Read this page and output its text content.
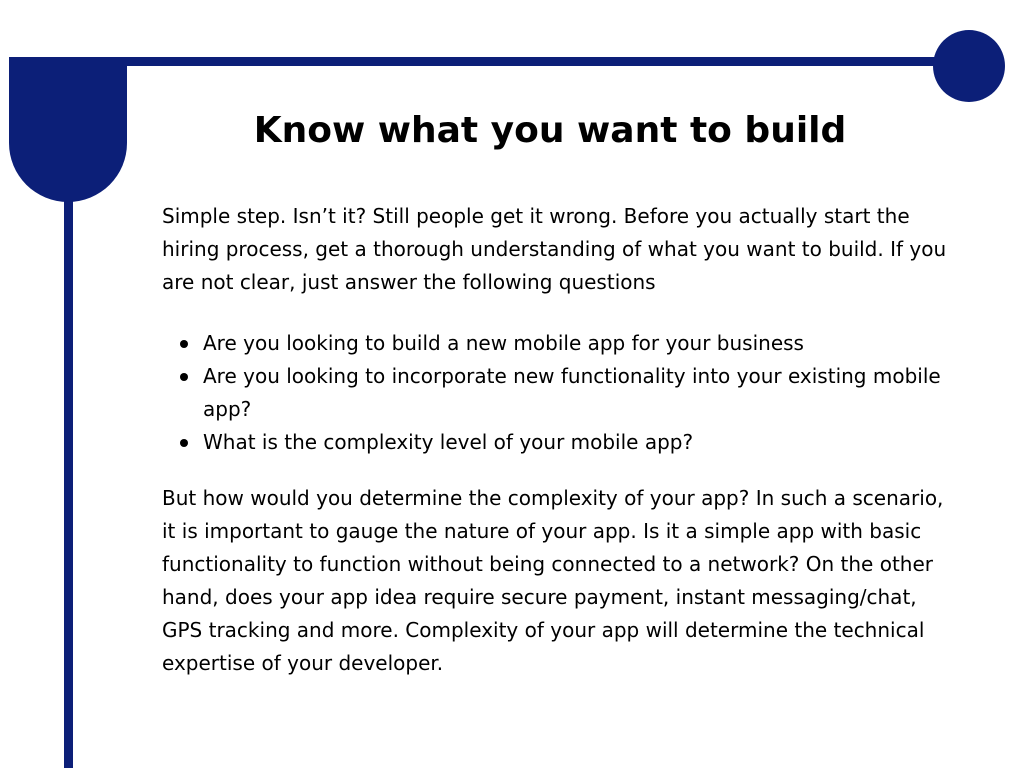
Know what you want to build

Simple step. Isn’t it? Still people get it wrong. Before you actually start the hiring process, get a thorough understanding of what you want to build. If you are not clear, just answer the following questions

Are you looking to build a new mobile app for your business
Are you looking to incorporate new functionality into your existing mobile app?
What is the complexity level of your mobile app?

But how would you determine the complexity of your app? In such a scenario, it is important to gauge the nature of your app. Is it a simple app with basic functionality to function without being connected to a network? On the other hand, does your app idea require secure payment, instant messaging/chat, GPS tracking and more. Complexity of your app will determine the technical expertise of your developer.
